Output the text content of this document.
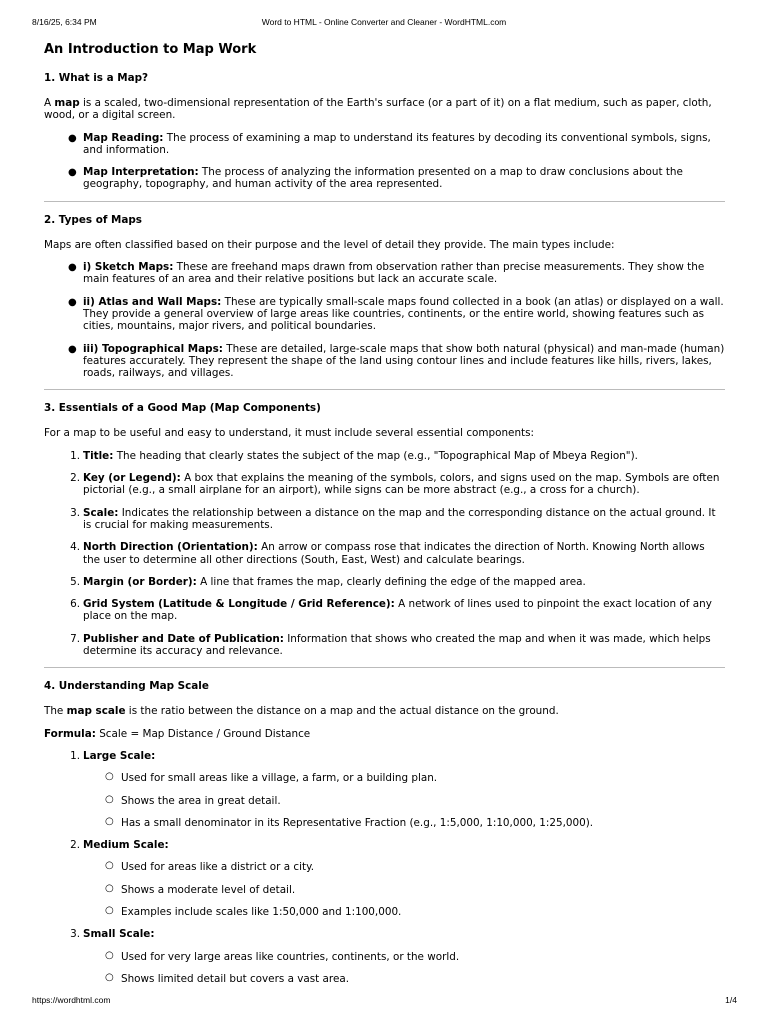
8/16/25, 6:34 PM	Word to HTML - Online Converter and Cleaner - WordHTML.com
An Introduction to Map Work
1. What is a Map?

A map is a scaled, two-dimensional representation of the Earth's surface (or a part of it) on a flat medium, such as paper, cloth, wood, or a digital screen.

● Map Reading: The process of examining a map to understand its features by decoding its conventional symbols, signs, and information.
● Map Interpretation: The process of analyzing the information presented on a map to draw conclusions about the geography, topography, and human activity of the area represented.
2. Types of Maps

Maps are often classified based on their purpose and the level of detail they provide. The main types include:

● i) Sketch Maps: These are freehand maps drawn from observation rather than precise measurements. They show the main features of an area and their relative positions but lack an accurate scale.
● ii) Atlas and Wall Maps: These are typically small-scale maps found collected in a book (an atlas) or displayed on a wall. They provide a general overview of large areas like countries, continents, or the entire world, showing features such as cities, mountains, major rivers, and political boundaries.
● iii) Topographical Maps: These are detailed, large-scale maps that show both natural (physical) and man-made (human) features accurately. They represent the shape of the land using contour lines and include features like hills, rivers, lakes, roads, railways, and villages.
3. Essentials of a Good Map (Map Components)

For a map to be useful and easy to understand, it must include several essential components:

1. Title: The heading that clearly states the subject of the map (e.g., "Topographical Map of Mbeya Region").
2. Key (or Legend): A box that explains the meaning of the symbols, colors, and signs used on the map. Symbols are often pictorial (e.g., a small airplane for an airport), while signs can be more abstract (e.g., a cross for a church).
3. Scale: Indicates the relationship between a distance on the map and the corresponding distance on the actual ground. It is crucial for making measurements.
4. North Direction (Orientation): An arrow or compass rose that indicates the direction of North. Knowing North allows the user to determine all other directions (South, East, West) and calculate bearings.
5. Margin (or Border): A line that frames the map, clearly defining the edge of the mapped area.
6. Grid System (Latitude & Longitude / Grid Reference): A network of lines used to pinpoint the exact location of any place on the map.
7. Publisher and Date of Publication: Information that shows who created the map and when it was made, which helps determine its accuracy and relevance.
4. Understanding Map Scale

The map scale is the ratio between the distance on a map and the actual distance on the ground.

Formula: Scale = Map Distance / Ground Distance

1. Large Scale:
○ Used for small areas like a village, a farm, or a building plan.
○ Shows the area in great detail.
○ Has a small denominator in its Representative Fraction (e.g., 1:5,000, 1:10,000, 1:25,000).
2. Medium Scale:
○ Used for areas like a district or a city.
○ Shows a moderate level of detail.
○ Examples include scales like 1:50,000 and 1:100,000.
3. Small Scale:
○ Used for very large areas like countries, continents, or the world.
○ Shows limited detail but covers a vast area.
https://wordhtml.com	1/4
